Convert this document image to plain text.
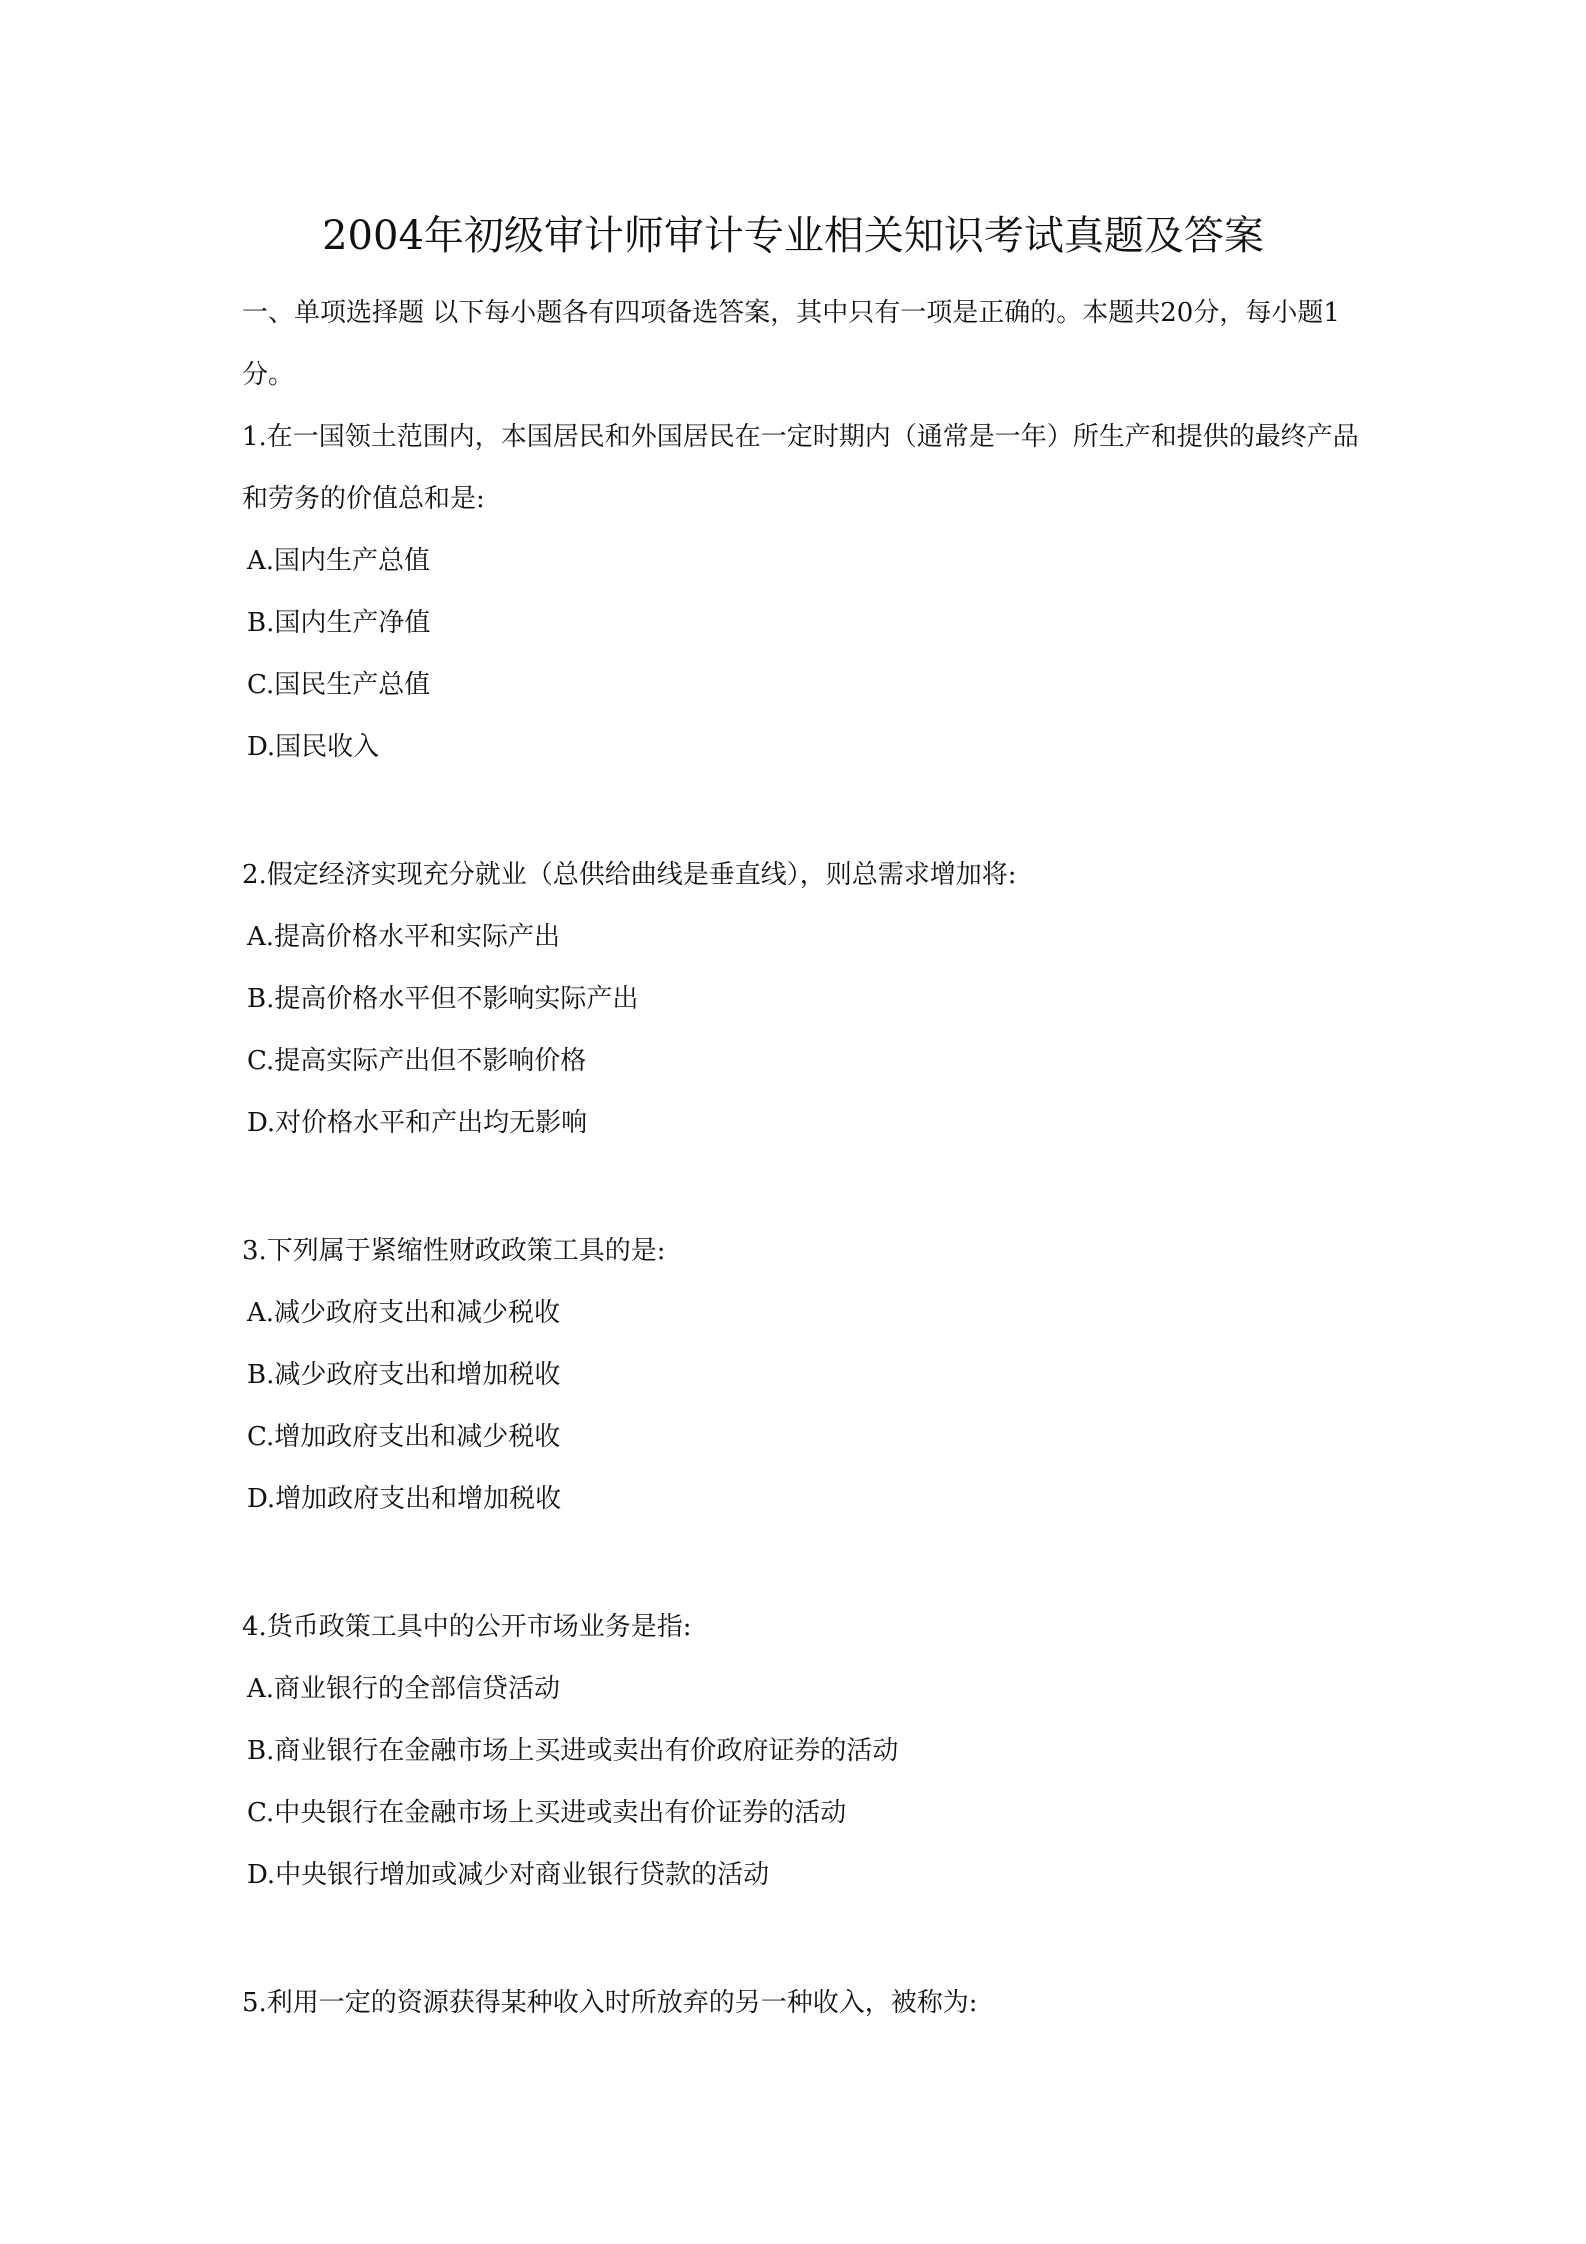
2004年初级审计师审计专业相关知识考试真题及答案

一、单项选择题 以下每小题各有四项备选答案，其中只有一项是正确的。本题共20分，每小题1分。

1.在一国领土范围内，本国居民和外国居民在一定时期内（通常是一年）所生产和提供的最终产品和劳务的价值总和是:

A.国内生产总值

B.国内生产净值

C.国民生产总值

D.国民收入

2.假定经济实现充分就业（总供给曲线是垂直线），则总需求增加将:

A.提高价格水平和实际产出

B.提高价格水平但不影响实际产出

C.提高实际产出但不影响价格

D.对价格水平和产出均无影响

3.下列属于紧缩性财政政策工具的是:

A.减少政府支出和减少税收

B.减少政府支出和增加税收

C.增加政府支出和减少税收

D.增加政府支出和增加税收

4.货币政策工具中的公开市场业务是指:

A.商业银行的全部信贷活动

B.商业银行在金融市场上买进或卖出有价政府证券的活动

C.中央银行在金融市场上买进或卖出有价证券的活动

D.中央银行增加或减少对商业银行贷款的活动

5.利用一定的资源获得某种收入时所放弃的另一种收入，被称为:
